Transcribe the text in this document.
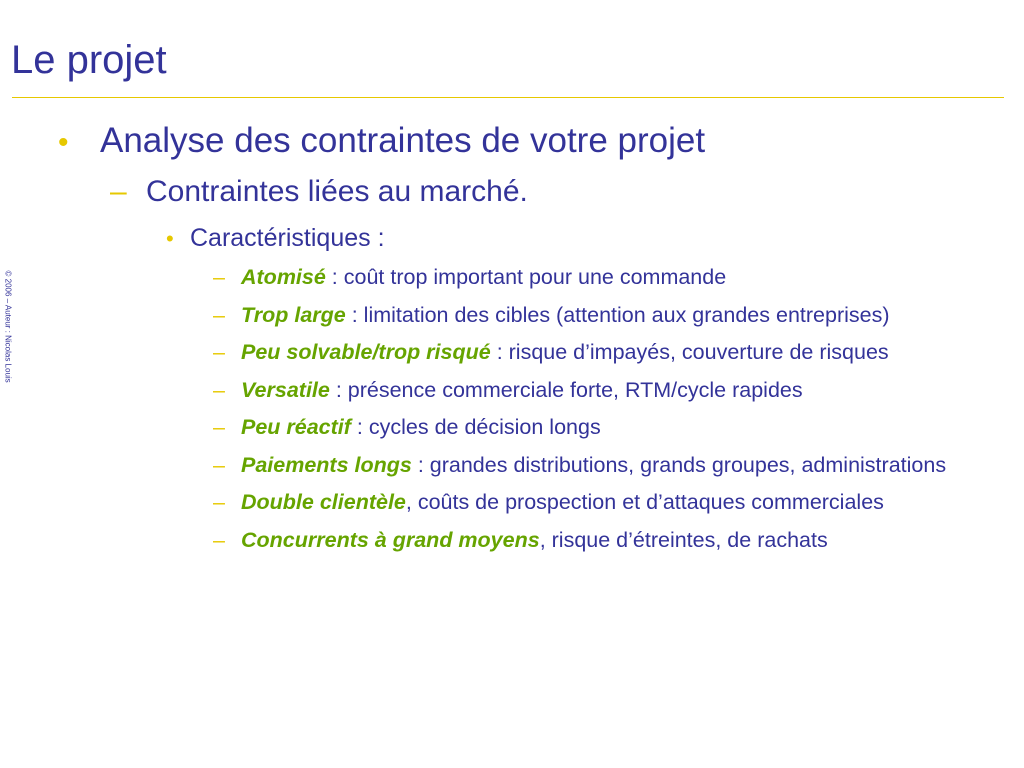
Le projet
© 2006 – Auteur : Nicolas Louis
• Analyse des contraintes de votre projet
– Contraintes liées au marché.
• Caractéristiques :
– Atomisé : coût trop important pour une commande
– Trop large : limitation des cibles (attention aux grandes entreprises)
– Peu solvable/trop risqué : risque d’impayés, couverture de risques
– Versatile : présence commerciale forte, RTM/cycle rapides
– Peu réactif : cycles de décision longs
– Paiements longs : grandes distributions, grands groupes, administrations
– Double clientèle, coûts de prospection et d’attaques commerciales
– Concurrents à grand moyens, risque d’étreintes, de rachats
